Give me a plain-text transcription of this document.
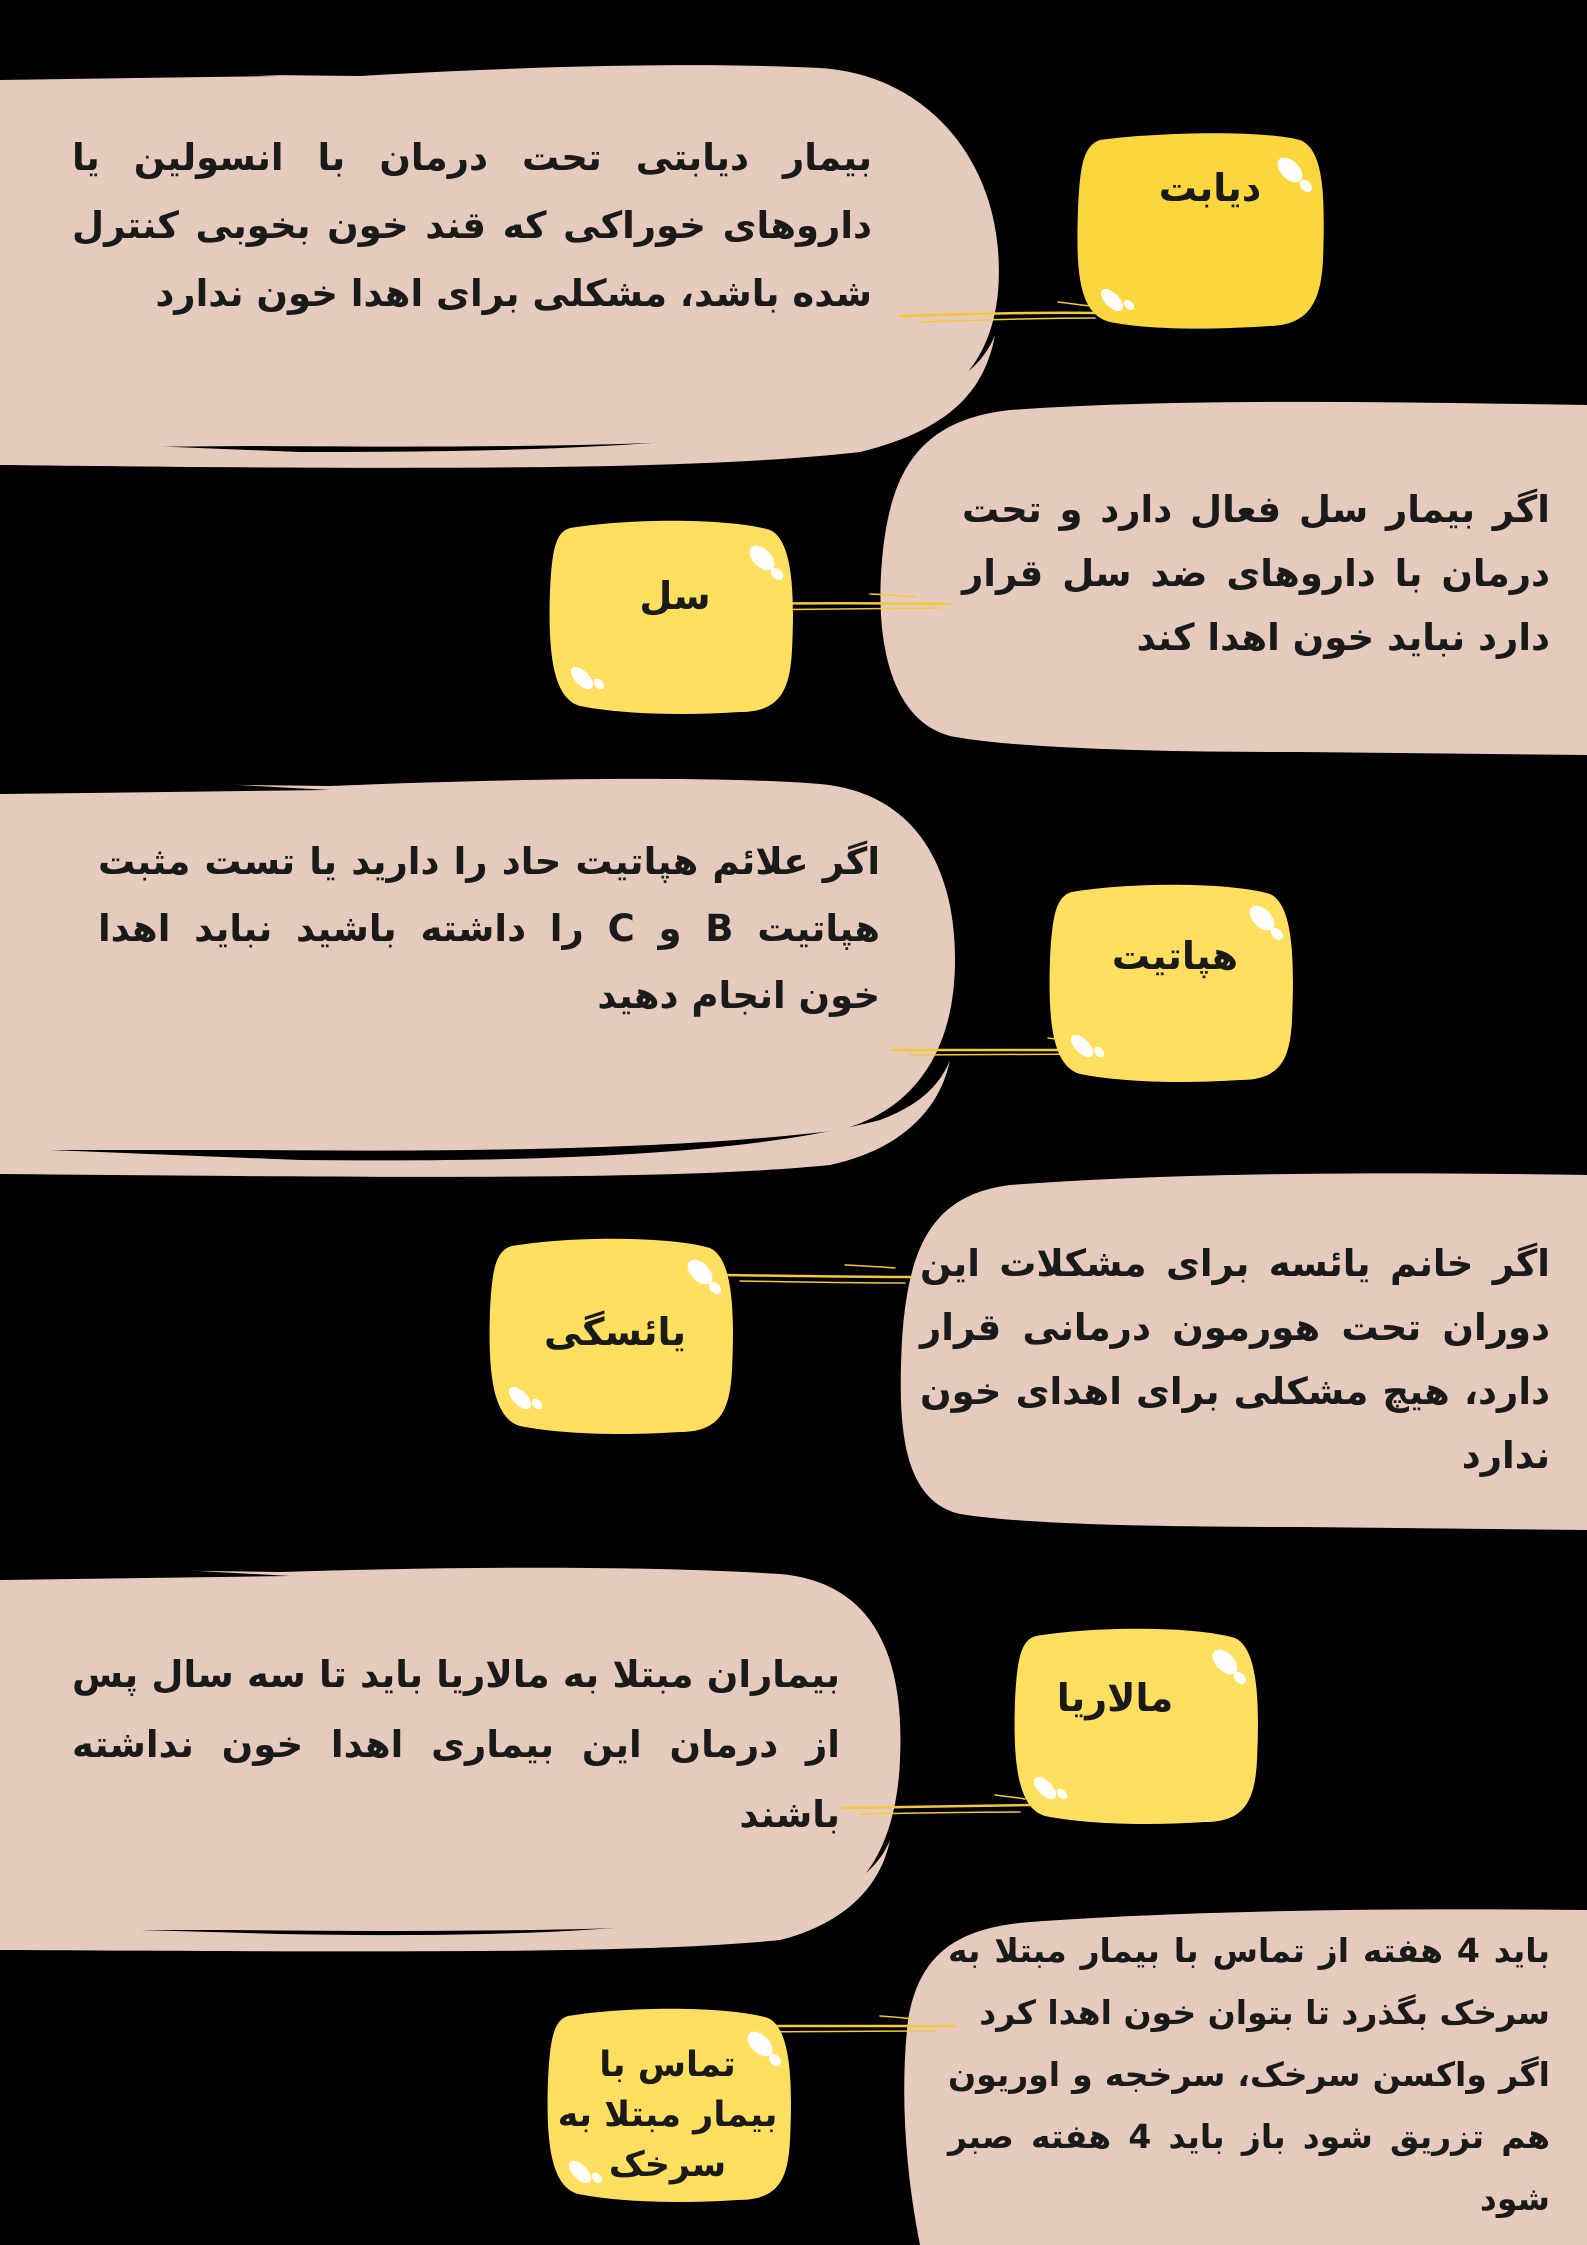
بیمار دیابتی تحت درمان با انسولین یا داروهای خوراکی که قند خون بخوبی کنترل شده باشد، مشکلی برای اهدا خون ندارد
اگر بیمار سل فعال دارد و تحت درمان با داروهای ضد سل قرار دارد نباید خون اهدا کند
اگر علائم هپاتیت حاد را دارید یا تست مثبت هپاتیت B و C را داشته باشید نباید اهدا خون انجام دهید
اگر خانم یائسه برای مشکلات این دوران تحت هورمون درمانی قرار دارد، هیچ مشکلی برای اهدای خون ندارد
بیماران مبتلا به مالاریا باید تا سه سال پس از درمان این بیماری اهدا خون نداشته باشند

باید 4 هفته از تماس با بیمار مبتلا به سرخک بگذرد تا بتوان خون اهدا کرد

اگر واکسن سرخک، سرخجه و اوریون هم تزریق شود باز باید 4 هفته صبر شود

دیابت
سل
هپاتیت
یائسگی
مالاریا
تماس با
بیمار مبتلا به
سرخک
